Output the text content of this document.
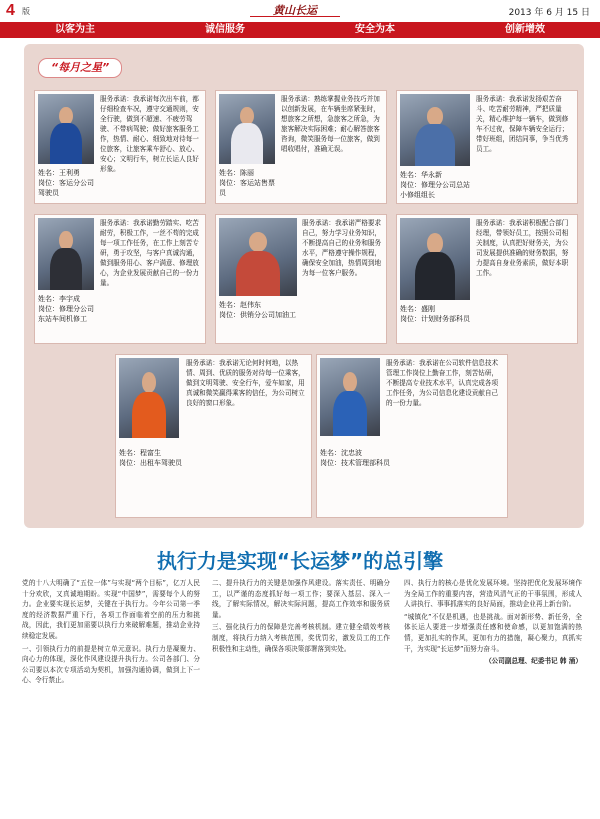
4 版	黄山长运	2013 年 6 月 15 日
以客为主	诚信服务	安全为本	创新增效
“每月之星”
姓名：王利勇
岗位：客运分公司驾驶员
服务承诺：我承诺每次出车前，都仔细检查车况，遵守交通规则，安全行驶，做到不超速、不疲劳驾驶、不带病驾驶；做好旅客服务工作，热情、耐心、细致地对待每一位旅客，让旅客乘车舒心、放心、安心；文明行车，树立长运人良好形象。	姓名：陈丽
岗位：客运站售票员
服务承诺：熟练掌握业务技巧并加以创新发展，在车辆坐席紧张时，想旅客之所想，急旅客之所急，为旅客解决实际困难；耐心解答旅客咨询，微笑服务每一位旅客，做到唱收唱付，准确无误。
姓名：华永新
岗位：修理分公司总站小修组组长
服务承诺：我承诺发扬艰苦奋斗、吃苦耐劳精神，严把质量关，精心维护每一辆车，做到修车不过夜，保障车辆安全运行；带好班组，团结同事，争当优秀员工。
姓名：李宇成
岗位：修理分公司东站车间机修工
服务承诺：我承诺勤劳踏实、吃苦耐劳，积极工作，一丝不苟的完成每一项工作任务，在工作上刻苦专研，勇于攻坚，与客户真诚沟通，做到服务用心、客户满意、修理放心，为企业发展贡献自己的一份力量。
姓名：赵伟东
岗位：供销分公司加油工
服务承诺：我承诺严格要求自己，努力学习业务知识，不断提高自己的业务和服务水平，严格遵守操作规程，确保安全加油，热情周到地为每一位客户服务。
姓名：盛刚
岗位：计划财务部科员
服务承诺：我承诺积极配合部门经理，带领好员工，按照公司相关制度，认真把好财务关，为公司发展提供准确的财务数据，努力提高自身业务素质，做好本职工作。
姓名：程富生
岗位：出租车驾驶员
服务承诺：我承诺无论何时何地，以热情、周到、优质的服务对待每一位乘客，做到文明驾驶、安全行车，爱车如家，用真诚和微笑赢得乘客的信任，为公司树立良好的窗口形象。
姓名：沈忠波
岗位：技术管理部科员
服务承诺：我承诺在公司软件信息技术管理工作岗位上勤奋工作，刻苦钻研，不断提高专业技术水平，认真完成各项工作任务，为公司信息化建设贡献自己的一份力量。
执行力是实现“长运梦”的总引擎

党的十八大明确了“五位一体”与实现“两个目标”，亿万人民十分欢欣，又真诚地期盼。实现“中国梦”，需要每个人的努力。企业要实现长运梦，关键在于执行力。今年公司第一季度的经济数据严重下行，各项工作面临着空前的压力和挑战，因此，我们更加需要以执行力来破解难题，推动企业持续稳定发展。

一、引领执行力的前提是树立单元意识。执行力是凝聚力、向心力的体现，深化作风建设提升执行力。公司各部门、分公司要以本次专项活动为契机，加强沟通协调，做到上下一心、令行禁止。

二、提升执行力的关键是加强作风建设。落实责任、明确分工，以严谨的态度抓好每一项工作；要深入基层、深入一线，了解实际情况，解决实际问题，提高工作效率和服务质量。

三、强化执行力的保障是完善考核机制。建立健全绩效考核制度，将执行力纳入考核范围，奖优罚劣，激发员工的工作积极性和主动性，确保各项决策部署落到实处。

四、执行力的核心是优化发展环境。坚持把优化发展环境作为全局工作的重要内容，营造风清气正的干事氛围，形成人人讲执行、事事抓落实的良好局面，推动企业再上新台阶。

“城镇化”不仅是机遇，也是挑战。面对新形势、新任务，全体长运人要进一步增强责任感和使命感，以更加饱满的热情，更加扎实的作风，更加有力的措施，凝心聚力，真抓实干，为实现“长运梦”而努力奋斗。

（公司副总理、纪委书记 韩 涌）
